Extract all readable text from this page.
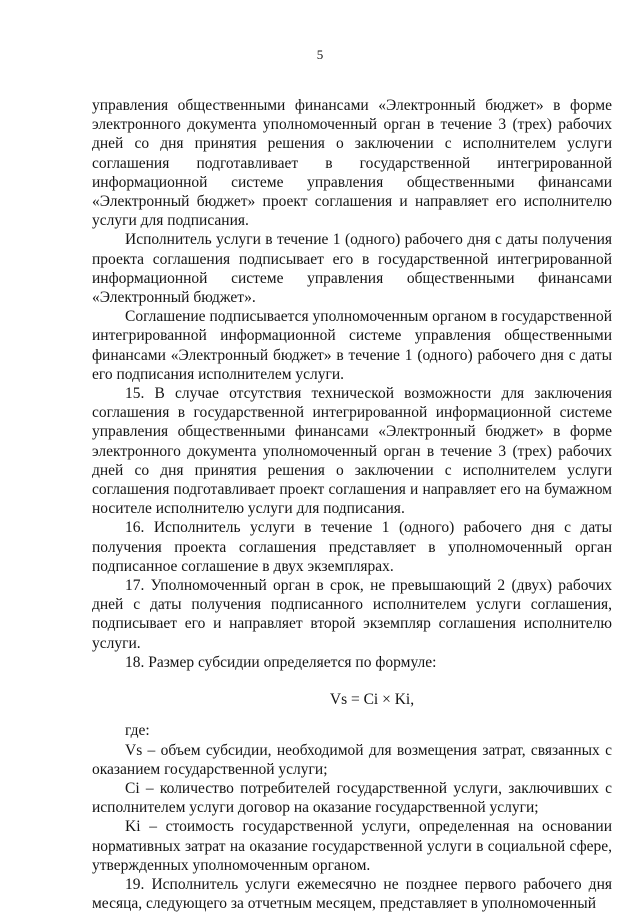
5

управления общественными финансами «Электронный бюджет» в форме электронного документа уполномоченный орган в течение 3 (трех) рабочих дней со дня принятия решения о заключении с исполнителем услуги соглашения подготавливает в государственной интегрированной информационной системе управления общественными финансами «Электронный бюджет» проект соглашения и направляет его исполнителю услуги для подписания.

Исполнитель услуги в течение 1 (одного) рабочего дня с даты получения проекта соглашения подписывает его в государственной интегрированной информационной системе управления общественными финансами «Электронный бюджет».

Соглашение подписывается уполномоченным органом в государственной интегрированной информационной системе управления общественными финансами «Электронный бюджет» в течение 1 (одного) рабочего дня с даты его подписания исполнителем услуги.

15. В случае отсутствия технической возможности для заключения соглашения в государственной интегрированной информационной системе управления общественными финансами «Электронный бюджет» в форме электронного документа уполномоченный орган в течение 3 (трех) рабочих дней со дня принятия решения о заключении с исполнителем услуги соглашения подготавливает проект соглашения и направляет его на бумажном носителе исполнителю услуги для подписания.

16. Исполнитель услуги в течение 1 (одного) рабочего дня с даты получения проекта соглашения представляет в уполномоченный орган подписанное соглашение в двух экземплярах.

17. Уполномоченный орган в срок, не превышающий 2 (двух) рабочих дней с даты получения подписанного исполнителем услуги соглашения, подписывает его и направляет второй экземпляр соглашения исполнителю услуги.

18. Размер субсидии определяется по формуле:

Vs = Ci × Ki,

где:

Vs – объем субсидии, необходимой для возмещения затрат, связанных с оказанием государственной услуги;

Ci – количество потребителей государственной услуги, заключивших с исполнителем услуги договор на оказание государственной услуги;

Ki – стоимость государственной услуги, определенная на основании нормативных затрат на оказание государственной услуги в социальной сфере, утвержденных уполномоченным органом.

19. Исполнитель услуги ежемесячно не позднее первого рабочего дня месяца, следующего за отчетным месяцем, представляет в уполномоченный
